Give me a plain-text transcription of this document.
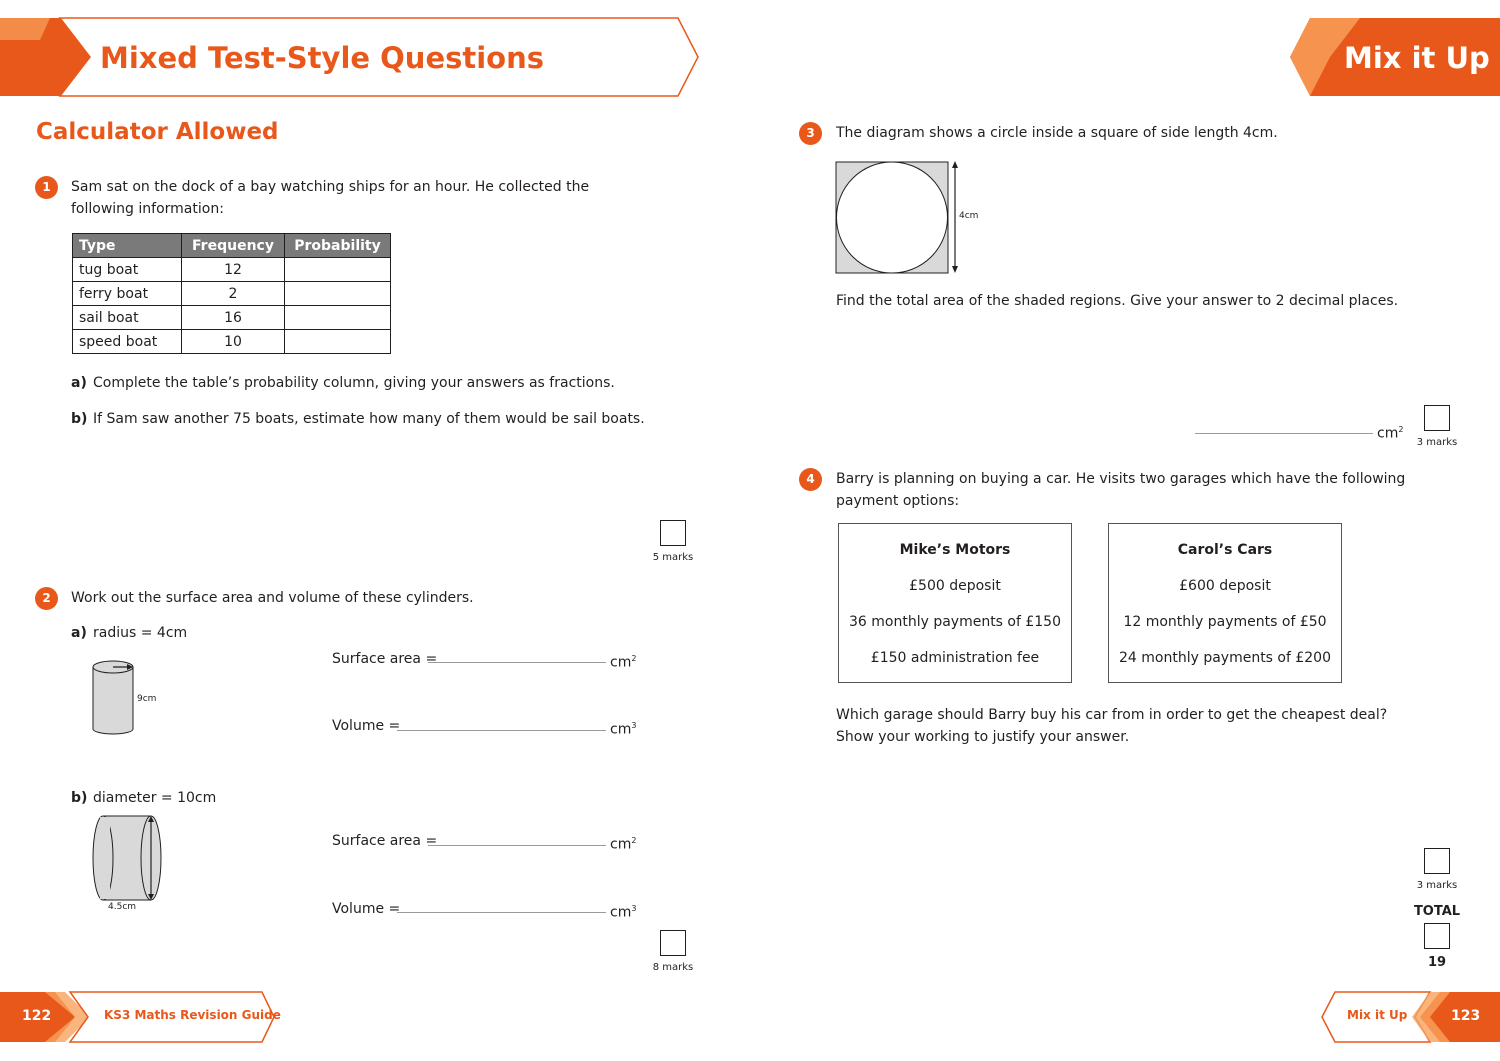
Mixed Test-Style Questions	Mix it Up
122	KS3 Maths Revision Guide	Mix it Up	123
Calculator Allowed
1	Sam sat on the dock of a bay watching ships for an hour. He collected the
following information:
Type	Frequency	Probability
tug boat	12	
ferry boat	2	
sail boat	16	
speed boat	10	
a) Complete the table’s probability column, giving your answers as fractions.
b) If Sam saw another 75 boats, estimate how many of them would be sail boats.
5 marks
2	Work out the surface area and volume of these cylinders.
a) radius = 4cm
9cm
Surface area =	$cm^2$
Volume =	$cm^3$
b) diameter = 10cm
4.5cm
Surface area =	$cm^2$
Volume =	$cm^3$
8 marks
3	The diagram shows a circle inside a square of side length 4cm.
4cm
Find the total area of the shaded regions. Give your answer to 2 decimal places.
$cm^2$
3 marks
4	Barry is planning on buying a car. He visits two garages which have the following
payment options:
Mike’s Motors
£500 deposit
36 monthly payments of £150
£150 administration fee
Carol’s Cars
£600 deposit
12 monthly payments of £50
24 monthly payments of £200
Which garage should Barry buy his car from in order to get the cheapest deal?
Show your working to justify your answer.
3 marks
TOTAL
19
